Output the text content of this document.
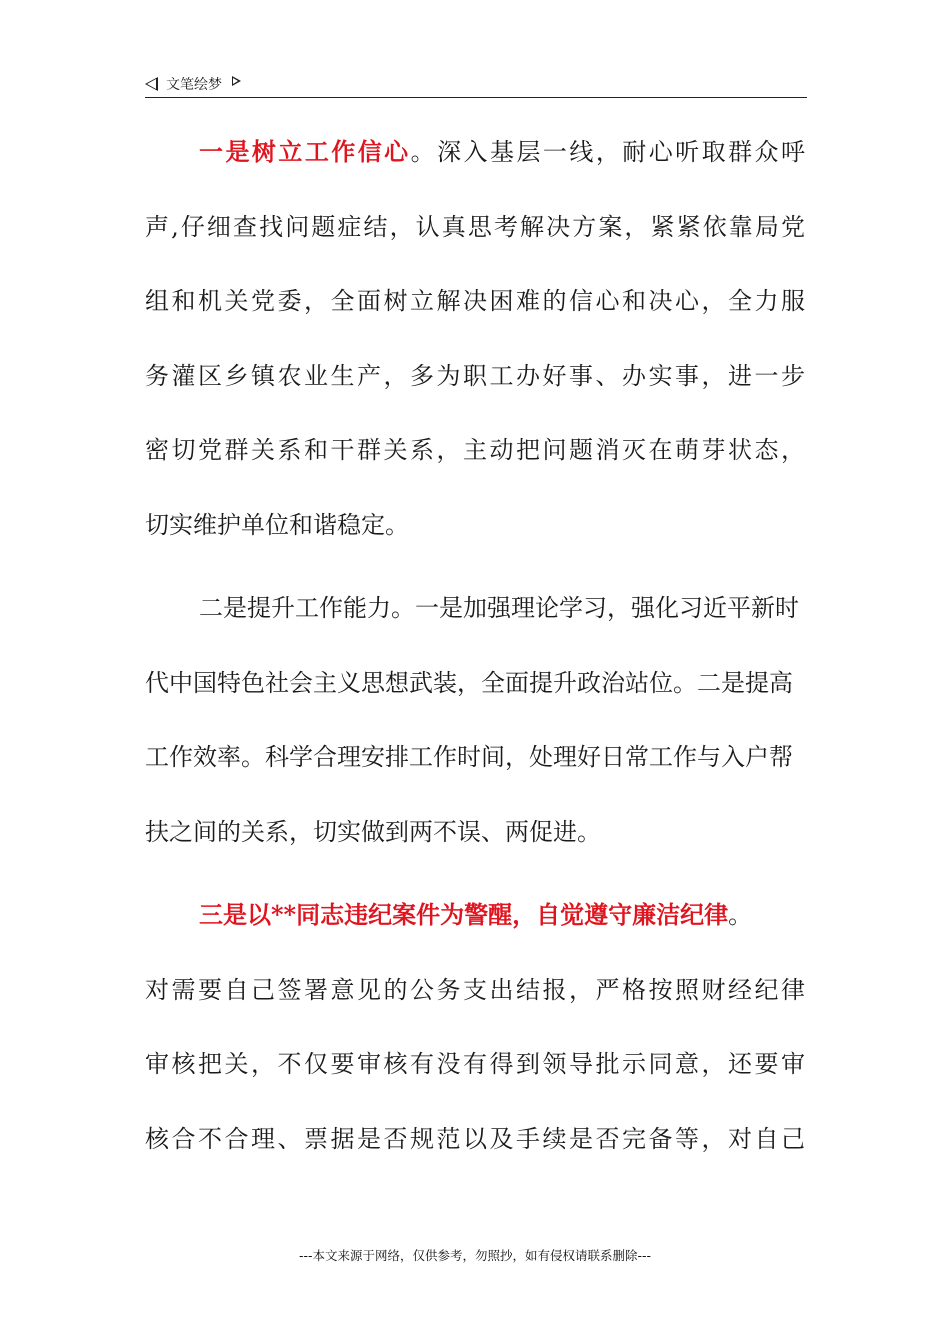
文笔绘梦
一是树立工作信心。深入基层一线，耐心听取群众呼
声,仔细查找问题症结，认真思考解决方案，紧紧依靠局党
组和机关党委，全面树立解决困难的信心和决心，全力服
务灌区乡镇农业生产，多为职工办好事、办实事，进一步
密切党群关系和干群关系，主动把问题消灭在萌芽状态，
切实维护单位和谐稳定。
二是提升工作能力。一是加强理论学习，强化习近平新时
代中国特色社会主义思想武装，全面提升政治站位。二是提高
工作效率。科学合理安排工作时间，处理好日常工作与入户帮
扶之间的关系，切实做到两不误、两促进。
三是以**同志违纪案件为警醒，自觉遵守廉洁纪律。
对需要自己签署意见的公务支出结报，严格按照财经纪律
审核把关，不仅要审核有没有得到领导批示同意，还要审
核合不合理、票据是否规范以及手续是否完备等，对自己
---本文来源于网络，仅供参考，勿照抄，如有侵权请联系删除---
